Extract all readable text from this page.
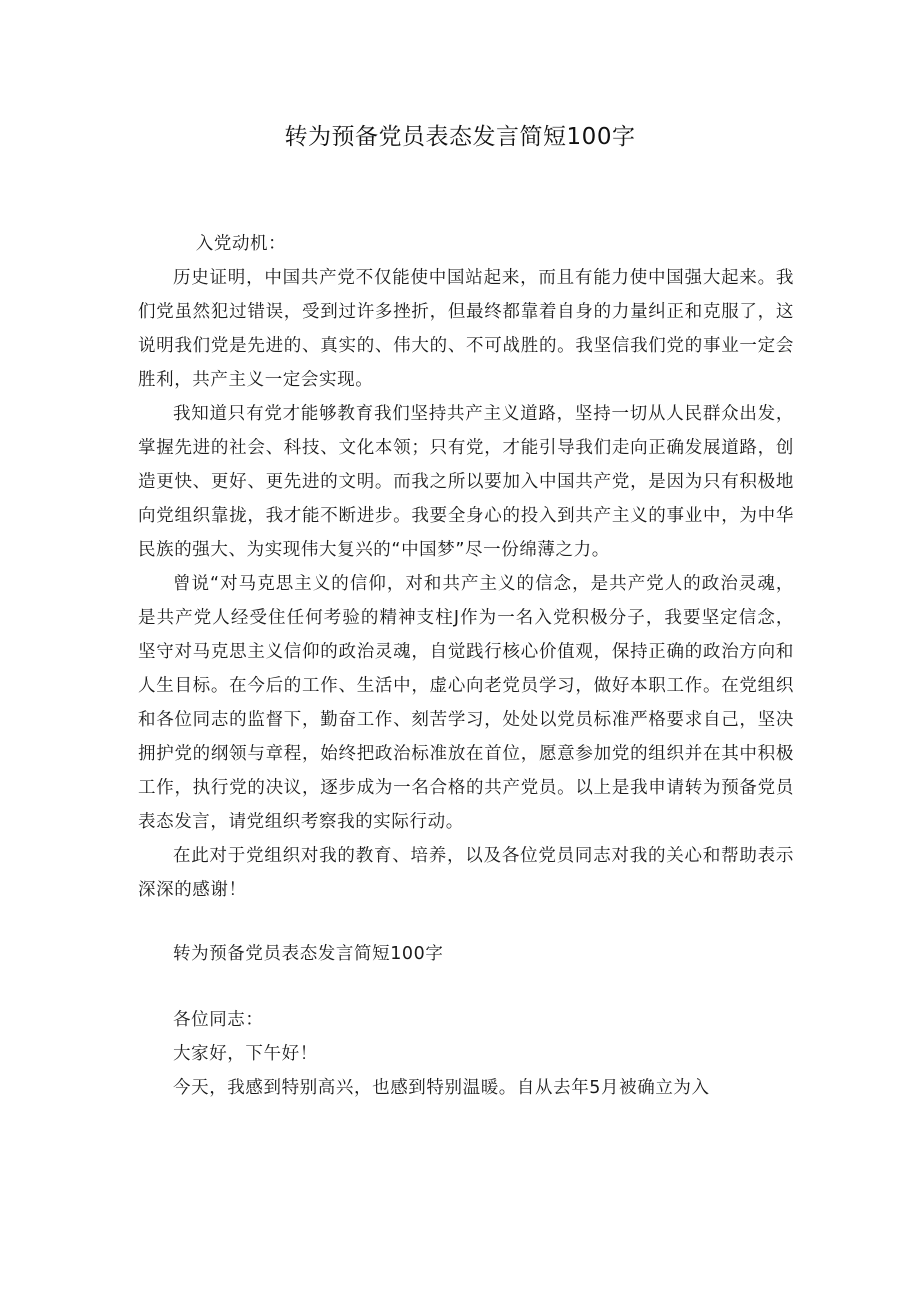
转为预备党员表态发言简短100字

入党动机：

历史证明，中国共产党不仅能使中国站起来，而且有能力使中国强大起来。我们党虽然犯过错误，受到过许多挫折，但最终都靠着自身的力量纠正和克服了，这说明我们党是先进的、真实的、伟大的、不可战胜的。我坚信我们党的事业一定会胜利，共产主义一定会实现。

我知道只有党才能够教育我们坚持共产主义道路，坚持一切从人民群众出发，掌握先进的社会、科技、文化本领；只有党，才能引导我们走向正确发展道路，创造更快、更好、更先进的文明。而我之所以要加入中国共产党，是因为只有积极地向党组织靠拢，我才能不断进步。我要全身心的投入到共产主义的事业中，为中华民族的强大、为实现伟大复兴的“中国梦”尽一份绵薄之力。

曾说“对马克思主义的信仰，对和共产主义的信念，是共产党人的政治灵魂，是共产党人经受住任何考验的精神支柱J作为一名入党积极分子，我要坚定信念，坚守对马克思主义信仰的政治灵魂，自觉践行核心价值观，保持正确的政治方向和人生目标。在今后的工作、生活中，虚心向老党员学习，做好本职工作。在党组织和各位同志的监督下，勤奋工作、刻苦学习，处处以党员标准严格要求自己，坚决拥护党的纲领与章程，始终把政治标准放在首位，愿意参加党的组织并在其中积极工作，执行党的决议，逐步成为一名合格的共产党员。以上是我申请转为预备党员表态发言，请党组织考察我的实际行动。

在此对于党组织对我的教育、培养，以及各位党员同志对我的关心和帮助表示深深的感谢！

转为预备党员表态发言简短100字

各位同志：

大家好，下午好！

今天，我感到特别高兴，也感到特别温暖。自从去年5月被确立为入
